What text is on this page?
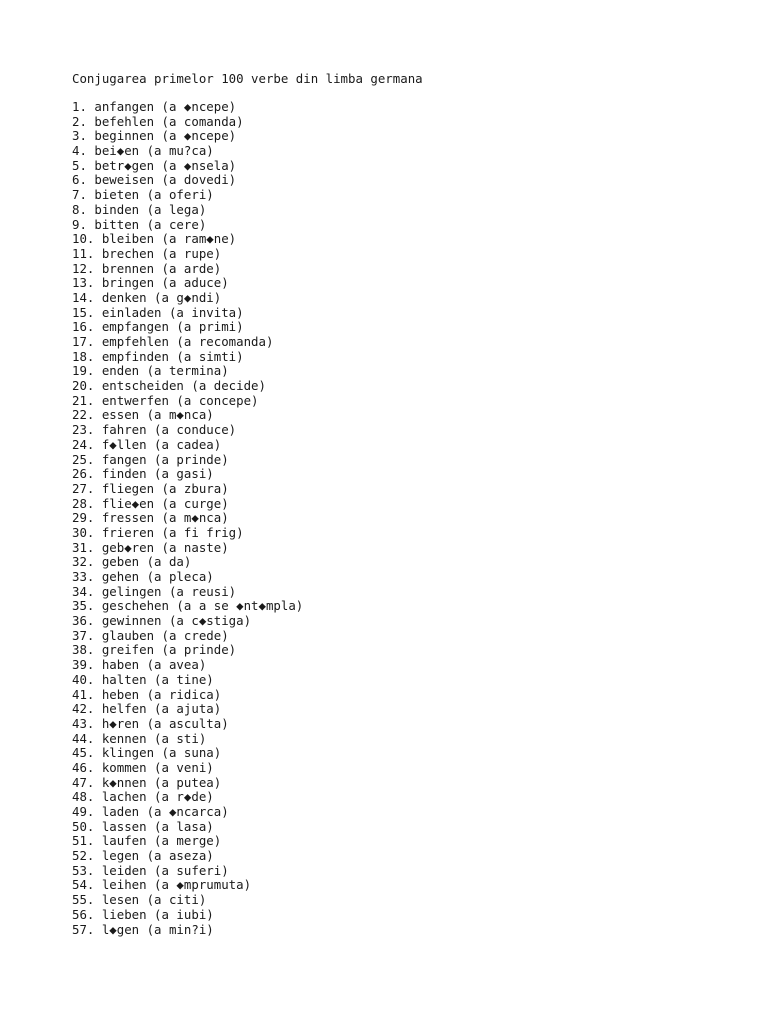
Conjugarea primelor 100 verbe din limba germana
1. anfangen (a ◆ncepe)
2. befehlen (a comanda)
3. beginnen (a ◆ncepe)
4. bei◆en (a mu?ca)
5. betr◆gen (a ◆nsela)
6. beweisen (a dovedi)
7. bieten (a oferi)
8. binden (a lega)
9. bitten (a cere)
10. bleiben (a ram◆ne)
11. brechen (a rupe)
12. brennen (a arde)
13. bringen (a aduce)
14. denken (a g◆ndi)
15. einladen (a invita)
16. empfangen (a primi)
17. empfehlen (a recomanda)
18. empfinden (a simti)
19. enden (a termina)
20. entscheiden (a decide)
21. entwerfen (a concepe)
22. essen (a m◆nca)
23. fahren (a conduce)
24. f◆llen (a cadea)
25. fangen (a prinde)
26. finden (a gasi)
27. fliegen (a zbura)
28. flie◆en (a curge)
29. fressen (a m◆nca)
30. frieren (a fi frig)
31. geb◆ren (a naste)
32. geben (a da)
33. gehen (a pleca)
34. gelingen (a reusi)
35. geschehen (a a se ◆nt◆mpla)
36. gewinnen (a c◆stiga)
37. glauben (a crede)
38. greifen (a prinde)
39. haben (a avea)
40. halten (a tine)
41. heben (a ridica)
42. helfen (a ajuta)
43. h◆ren (a asculta)
44. kennen (a sti)
45. klingen (a suna)
46. kommen (a veni)
47. k◆nnen (a putea)
48. lachen (a r◆de)
49. laden (a ◆ncarca)
50. lassen (a lasa)
51. laufen (a merge)
52. legen (a aseza)
53. leiden (a suferi)
54. leihen (a ◆mprumuta)
55. lesen (a citi)
56. lieben (a iubi)
57. l◆gen (a min?i)
